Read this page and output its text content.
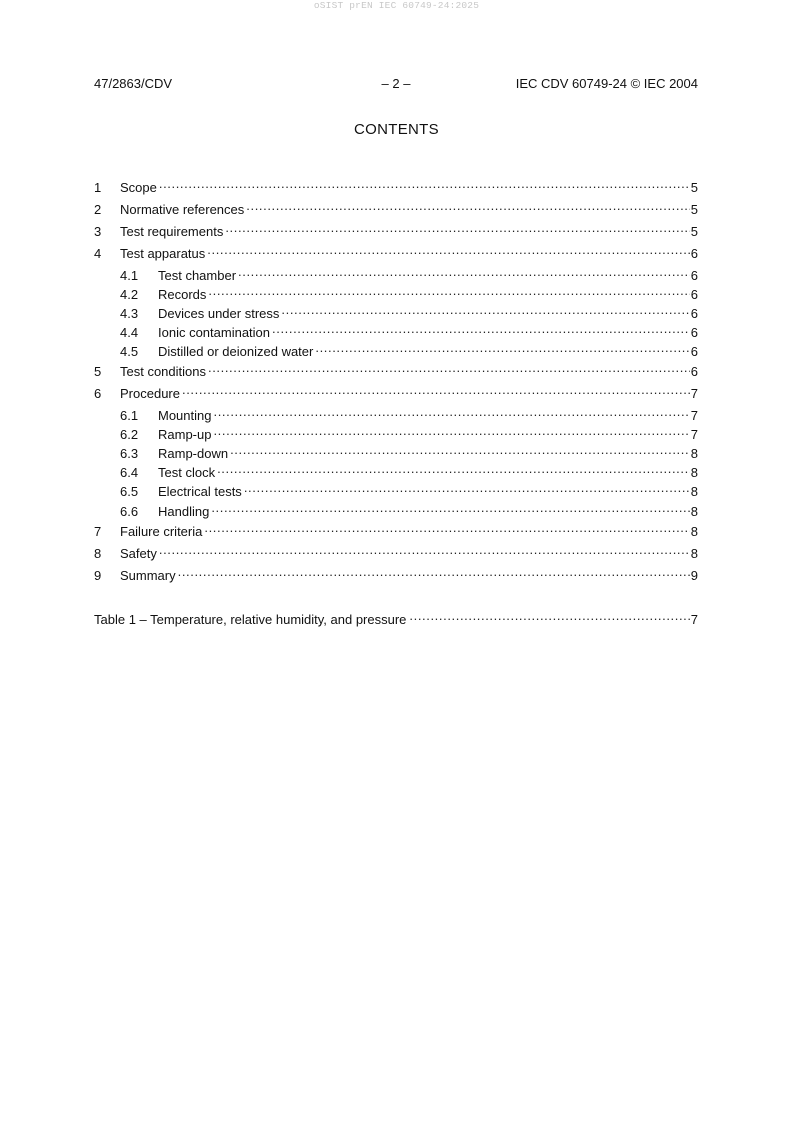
oSIST prEN IEC 60749-24:2025
47/2863/CDV	– 2 –	IEC CDV 60749-24 © IEC 2004
CONTENTS
1	Scope .....	5
2	Normative references .....	5
3	Test requirements .....	5
4	Test apparatus .....	6
4.1	Test chamber .....	6
4.2	Records .....	6
4.3	Devices under stress .....	6
4.4	Ionic contamination .....	6
4.5	Distilled or deionized water .....	6
5	Test conditions .....	6
6	Procedure .....	7
6.1	Mounting .....	7
6.2	Ramp-up .....	7
6.3	Ramp-down .....	8
6.4	Test clock .....	8
6.5	Electrical tests .....	8
6.6	Handling .....	8
7	Failure criteria .....	8
8	Safety .....	8
9	Summary .....	9
Table 1 – Temperature, relative humidity, and pressure .....	7
